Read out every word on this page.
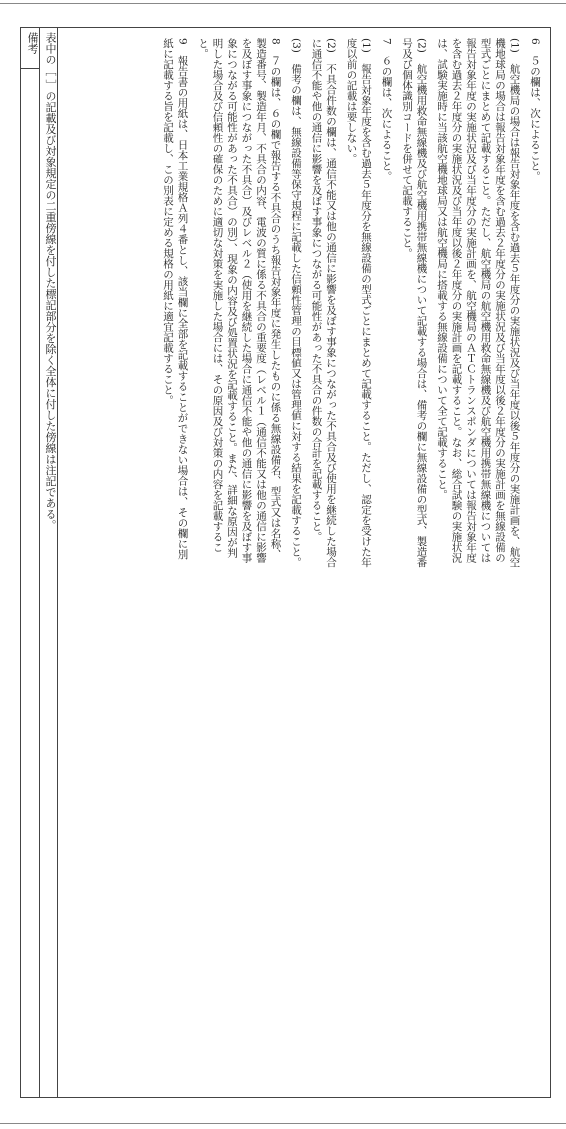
備考 表中の［ ］の記載及び対象規定の二重傍線を付した標記部分を除く全体に付した傍線は注記である。	6　５の欄は、次によること。
(1)　航空機局の場合は報告対象年度を含む過去５年度分の実施状況及び当年度以後５年度分の実施計画を、航空機地球局の場合は報告対象年度を含む過去２年度分の実施状況及び当年度以後２年度分の実施計画を無線設備の型式ごとにまとめて記載すること。ただし、航空機局の航空機用救命無線機及び航空機用携帯無線機については報告対象年度の実施状況及び当年度分の実施計画を、航空機局のＡＴＣトランスポンダについては報告対象年度を含む過去２年度分の実施状況及び当年度以後２年度分の実施計画を記載すること。なお、総合試験の実施状況は、試験実施時に当該航空機地球局又は航空機局に搭載する無線設備について全て記載すること。
(2)　航空機用救命無線機及び航空機用携帯無線機について記載する場合は、備考の欄に無線設備の型式、製造番号及び個体識別コードを併せて記載すること。
7　６の欄は、次によること。
(1)　報告対象年度を含む過去５年度分を無線設備の型式ごとにまとめて記載すること。ただし、認定を受けた年度以前の記載は要しない。
(2)　不具合件数の欄は、通信不能又は他の通信に影響を及ぼす事象につながった不具合及び使用を継続した場合に通信不能や他の通信に影響を及ぼす事象につながる可能性があった不具合の件数の合計を記載すること。
(3)　備考の欄は、無線設備等保守規程に記載した信頼性管理の目標値又は管理値に対する結果を記載すること。
8　７の欄は、６の欄で報告する不具合のうち報告対象年度に発生したものに係る無線設備名、型式又は名称、製造番号、製造年月、不具合の内容、電波の質に係る不具合の重要度（レベル１（通信不能又は他の通信に影響を及ぼす事象につながった不具合）及びレベル２（使用を継続した場合に通信不能や他の通信に影響を及ぼす事象につながる可能性があった不具合）の別）、現象の内容及び処置状況を記載すること。また、詳細な原因が判明した場合及び信頼性の確保のために適切な対策を実施した場合には、その原因及び対策の内容を記載すること。
9　報告書の用紙は、日本工業規格Ａ列４番とし、該当欄に全部を記載することができない場合は、その欄に別紙に記載する旨を記載し、この別表に定める規格の用紙に適宜記載すること。
